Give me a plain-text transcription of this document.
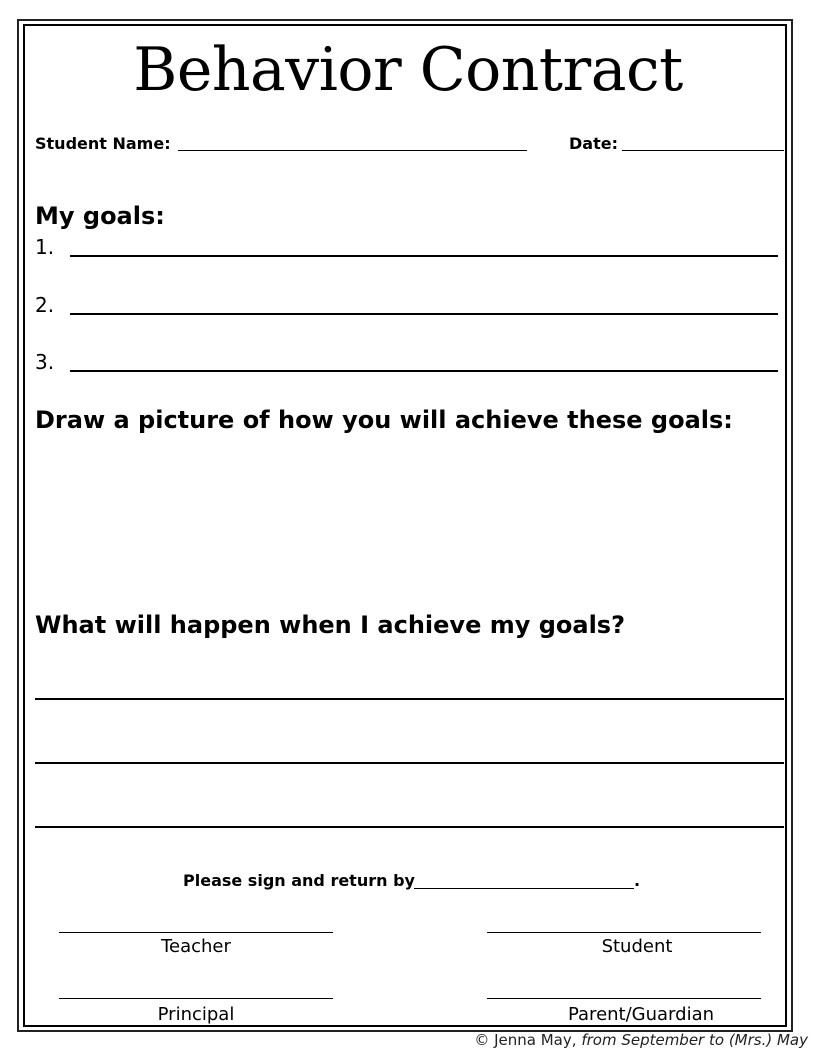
Behavior Contract
Student Name:	Date:
My goals:
1.
2.
3.
Draw a picture of how you will achieve these goals:
What will happen when I achieve my goals?
Please sign and return by	.
Teacher	Student
Principal	Parent/Guardian
© Jenna May, from September to (Mrs.) May
